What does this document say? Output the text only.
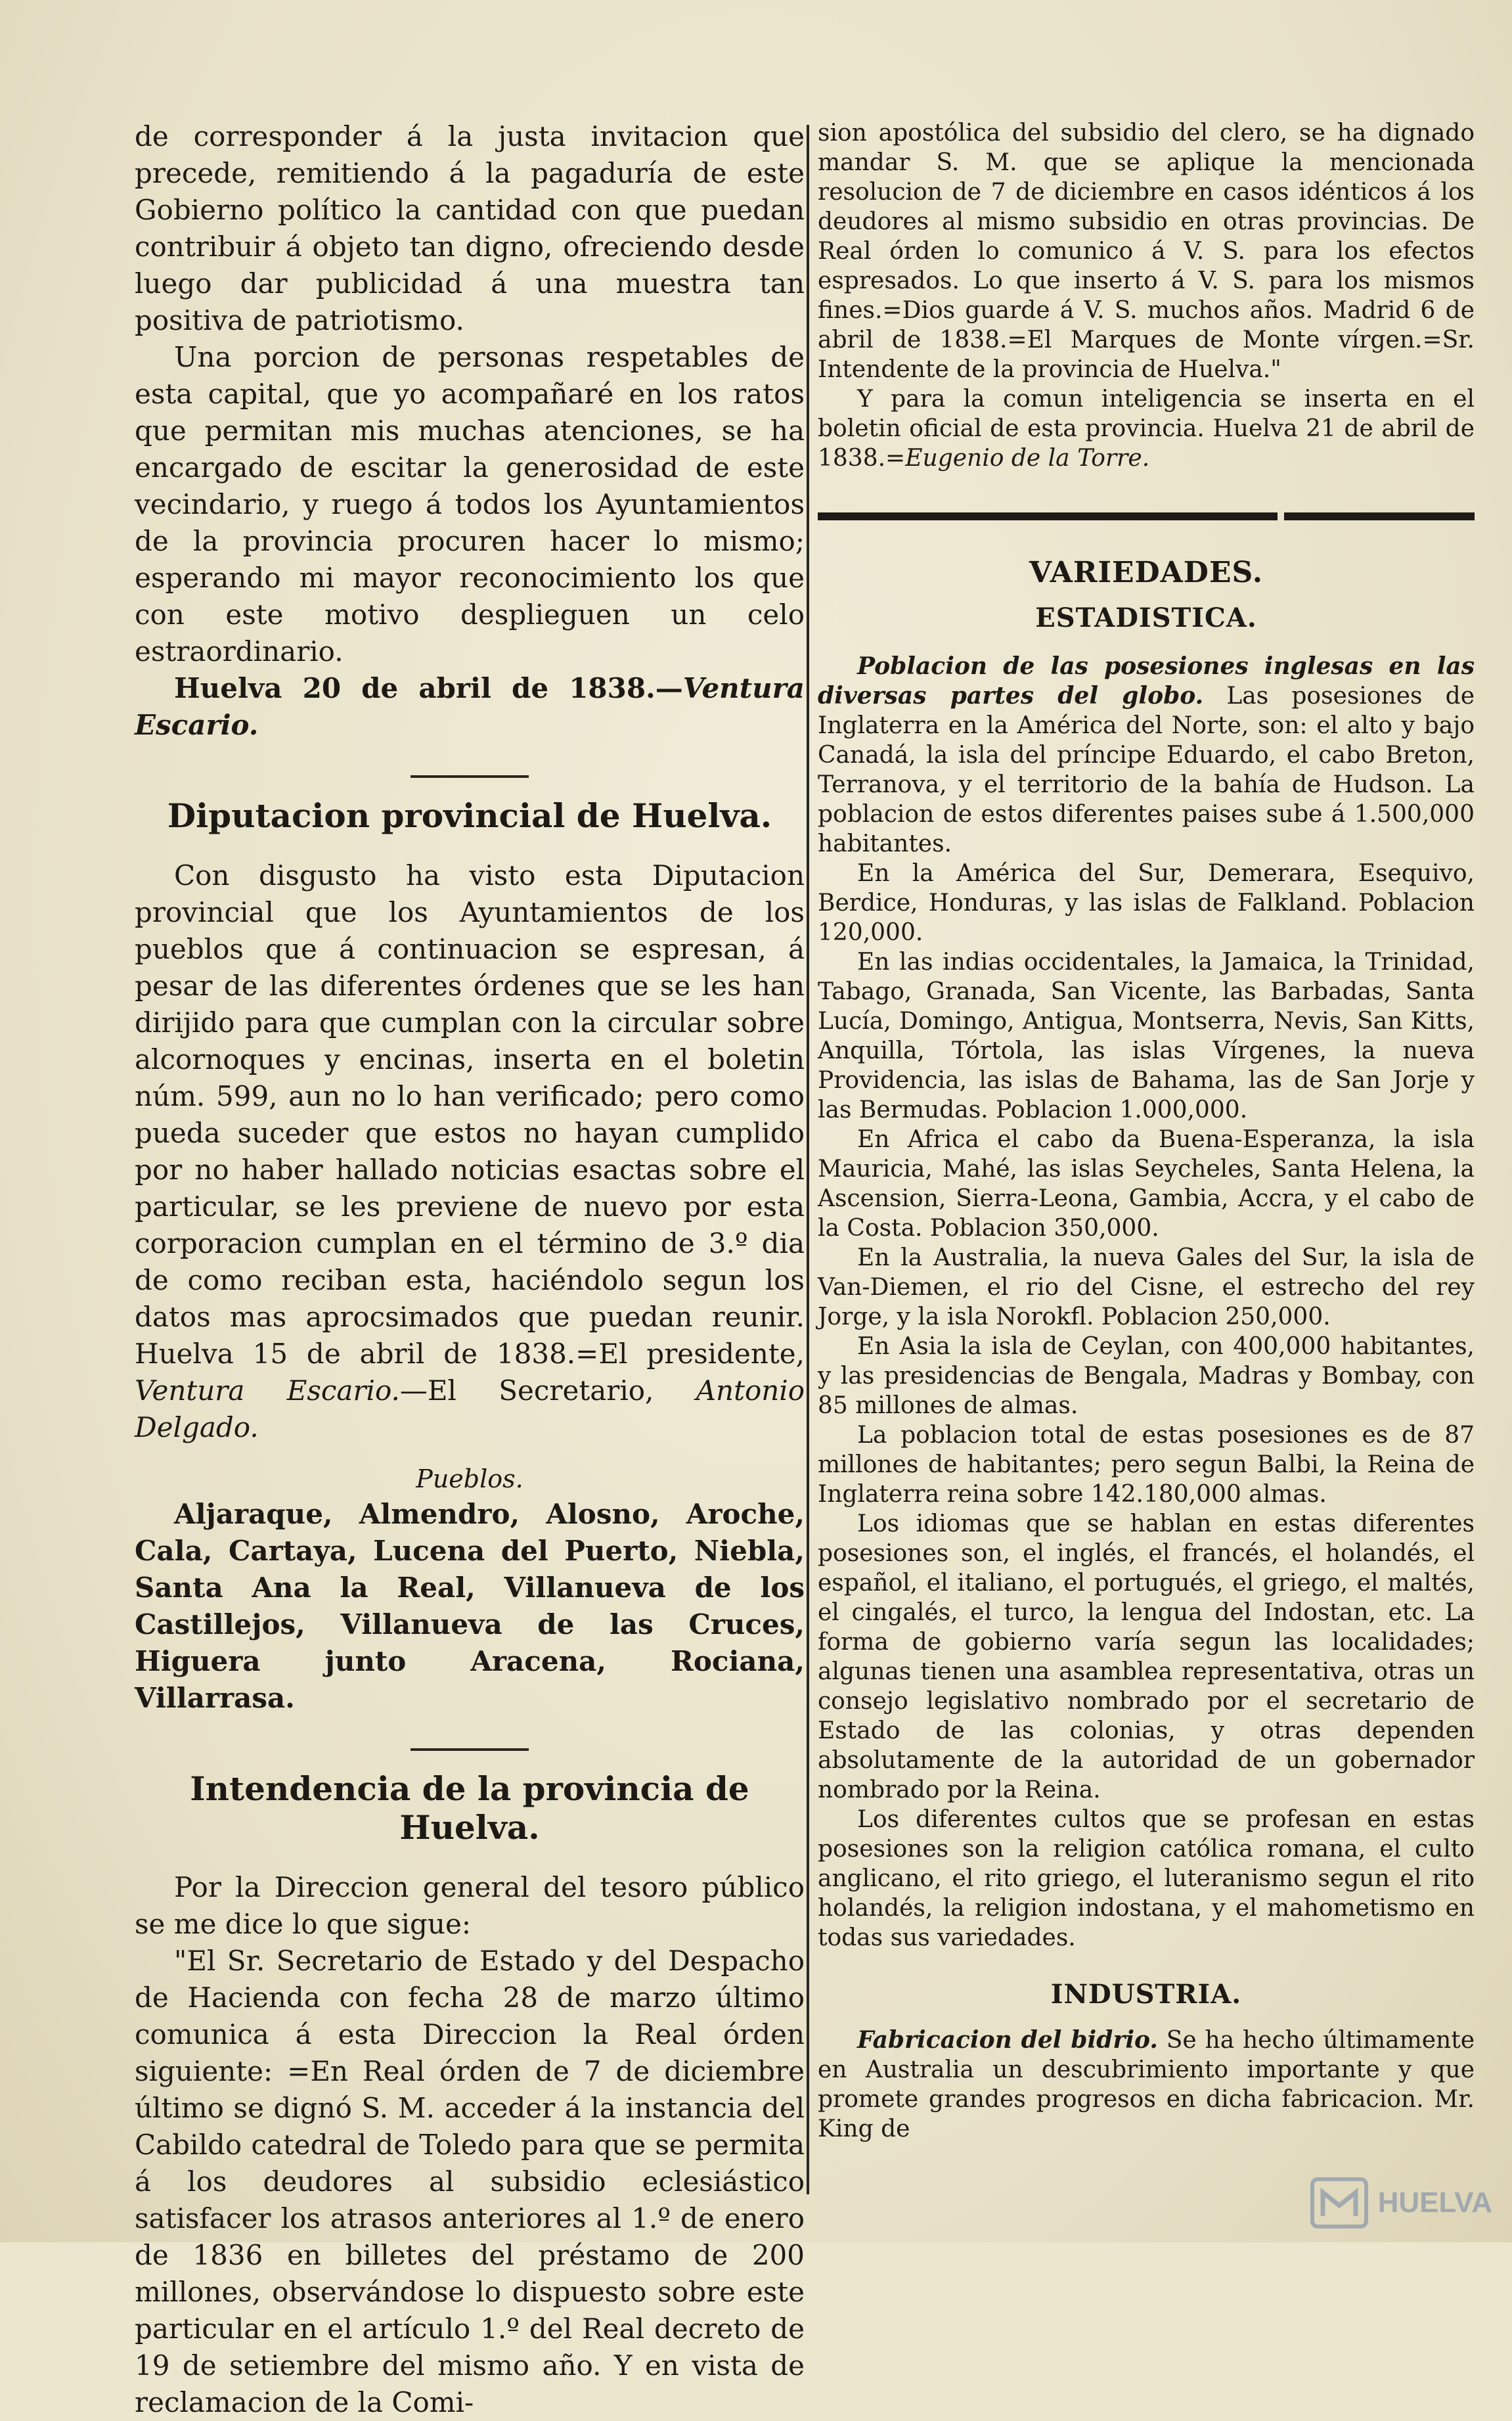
de corresponder á la justa invitacion que precede, remitiendo á la pagaduría de este Gobierno político la cantidad con que puedan contribuir á objeto tan digno, ofreciendo desde luego dar publicidad á una muestra tan positiva de patriotismo.

Una porcion de personas respetables de esta capital, que yo acompañaré en los ratos que permitan mis muchas atenciones, se ha encargado de escitar la generosidad de este vecindario, y ruego á todos los Ayuntamientos de la provincia procuren hacer lo mismo; esperando mi mayor reconocimiento los que con este motivo desplieguen un celo estraordinario.

Huelva 20 de abril de 1838.—Ventura Escario.

Diputacion provincial de Huelva.

Con disgusto ha visto esta Diputacion provincial que los Ayuntamientos de los pueblos que á continuacion se espresan, á pesar de las diferentes órdenes que se les han dirijido para que cumplan con la circular sobre alcornoques y encinas, inserta en el boletin núm. 599, aun no lo han verificado; pero como pueda suceder que estos no hayan cumplido por no haber hallado noticias esactas sobre el particular, se les previene de nuevo por esta corporacion cumplan en el término de 3.º dia de como reciban esta, haciéndolo segun los datos mas aprocsimados que puedan reunir. Huelva 15 de abril de 1838.=El presidente, Ventura Escario.—El Secretario, Antonio Delgado.

Pueblos.

Aljaraque, Almendro, Alosno, Aroche, Cala, Cartaya, Lucena del Puerto, Niebla, Santa Ana la Real, Villanueva de los Castillejos, Villanueva de las Cruces, Higuera junto Aracena, Rociana, Villarrasa.

Intendencia de la provincia de Huelva.

Por la Direccion general del tesoro público se me dice lo que sigue:

"El Sr. Secretario de Estado y del Despacho de Hacienda con fecha 28 de marzo último comunica á esta Direccion la Real órden siguiente: =En Real órden de 7 de diciembre último se dignó S. M. acceder á la instancia del Cabildo catedral de Toledo para que se permita á los deudores al subsidio eclesiástico satisfacer los atrasos anteriores al 1.º de enero de 1836 en billetes del préstamo de 200 millones, observándose lo dispuesto sobre este particular en el artículo 1.º del Real decreto de 19 de setiembre del mismo año. Y en vista de reclamacion de la Comi-

sion apostólica del subsidio del clero, se ha dignado mandar S. M. que se aplique la mencionada resolucion de 7 de diciembre en casos idénticos á los deudores al mismo subsidio en otras provincias. De Real órden lo comunico á V. S. para los efectos espresados. Lo que inserto á V. S. para los mismos fines.=Dios guarde á V. S. muchos años. Madrid 6 de abril de 1838.=El Marques de Monte vírgen.=Sr. Intendente de la provincia de Huelva."

Y para la comun inteligencia se inserta en el boletin oficial de esta provincia. Huelva 21 de abril de 1838.=Eugenio de la Torre.

VARIEDADES.
ESTADISTICA.

Poblacion de las posesiones inglesas en las diversas partes del globo. Las posesiones de Inglaterra en la América del Norte, son: el alto y bajo Canadá, la isla del príncipe Eduardo, el cabo Breton, Terranova, y el territorio de la bahía de Hudson. La poblacion de estos diferentes paises sube á 1.500,000 habitantes.

En la América del Sur, Demerara, Esequivo, Berdice, Honduras, y las islas de Falkland. Poblacion 120,000.

En las indias occidentales, la Jamaica, la Trinidad, Tabago, Granada, San Vicente, las Barbadas, Santa Lucía, Domingo, Antigua, Montserra, Nevis, San Kitts, Anquilla, Tórtola, las islas Vírgenes, la nueva Providencia, las islas de Bahama, las de San Jorje y las Bermudas. Poblacion 1.000,000.

En Africa el cabo da Buena-Esperanza, la isla Mauricia, Mahé, las islas Seycheles, Santa Helena, la Ascension, Sierra-Leona, Gambia, Accra, y el cabo de la Costa. Poblacion 350,000.

En la Australia, la nueva Gales del Sur, la isla de Van-Diemen, el rio del Cisne, el estrecho del rey Jorge, y la isla Norokfl. Poblacion 250,000.

En Asia la isla de Ceylan, con 400,000 habitantes, y las presidencias de Bengala, Madras y Bombay, con 85 millones de almas.

La poblacion total de estas posesiones es de 87 millones de habitantes; pero segun Balbi, la Reina de Inglaterra reina sobre 142.180,000 almas.

Los idiomas que se hablan en estas diferentes posesiones son, el inglés, el francés, el holandés, el español, el italiano, el portugués, el griego, el maltés, el cingalés, el turco, la lengua del Indostan, etc. La forma de gobierno varía segun las localidades; algunas tienen una asamblea representativa, otras un consejo legislativo nombrado por el secretario de Estado de las colonias, y otras dependen absolutamente de la autoridad de un gobernador nombrado por la Reina.

Los diferentes cultos que se profesan en estas posesiones son la religion católica romana, el culto anglicano, el rito griego, el luteranismo segun el rito holandés, la religion indostana, y el mahometismo en todas sus variedades.

INDUSTRIA.

Fabricacion del bidrio. Se ha hecho últimamente en Australia un descubrimiento importante y que promete grandes progresos en dicha fabricacion. Mr. King de

HUELVA
